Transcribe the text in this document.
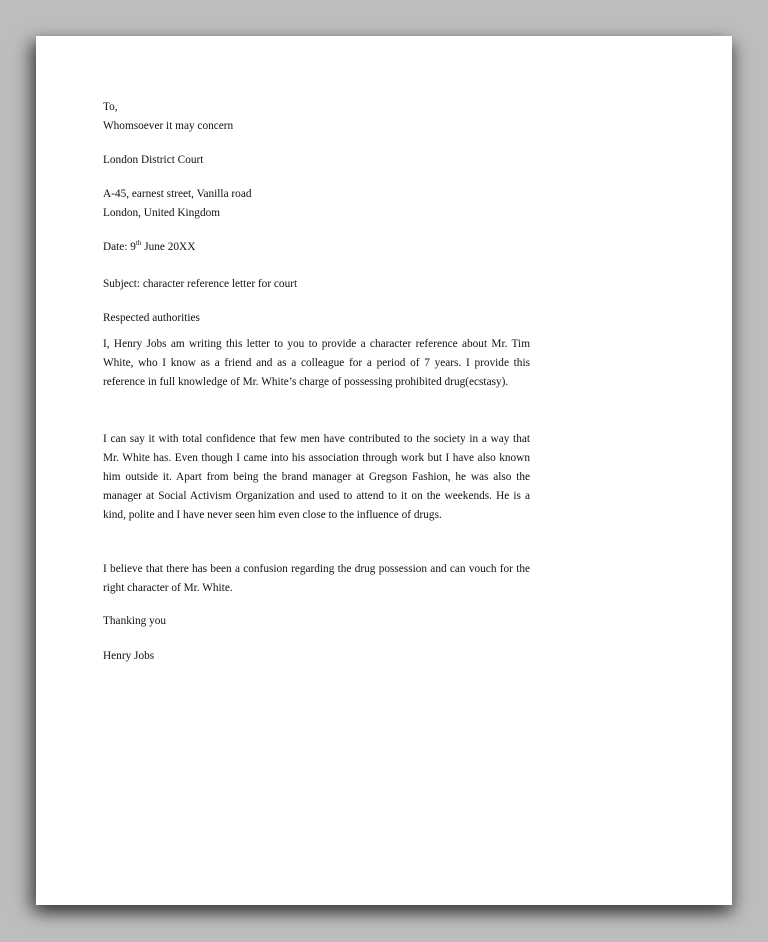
To,
Whomsoever it may concern
London District Court
A-45, earnest street, Vanilla road
London, United Kingdom
Date: 9th June 20XX
Subject: character reference letter for court
Respected authorities
I, Henry Jobs am writing this letter to you to provide a character reference about Mr. Tim White, who I know as a friend and as a colleague for a period of 7 years. I provide this reference in full knowledge of Mr. White’s charge of possessing prohibited drug(ecstasy).
I can say it with total confidence that few men have contributed to the society in a way that Mr. White has. Even though I came into his association through work but I have also known him outside it. Apart from being the brand manager at Gregson Fashion, he was also the manager at Social Activism Organization and used to attend to it on the weekends. He is a kind, polite and I have never seen him even close to the influence of drugs.
I believe that there has been a confusion regarding the drug possession and can vouch for the right character of Mr. White.
Thanking you
Henry Jobs
